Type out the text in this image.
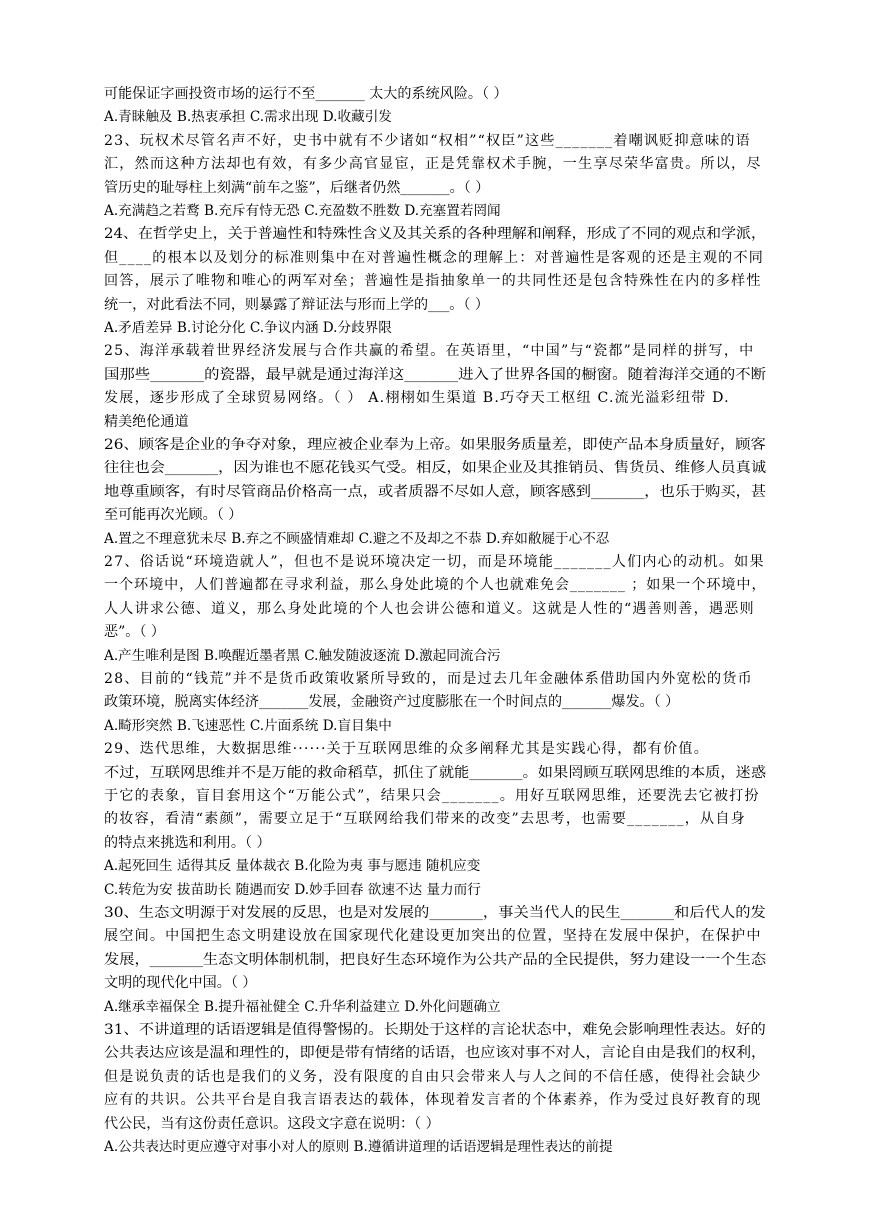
可能保证字画投资市场的运行不至_______ 太大的系统风险。（ ）
A.青睐触及 B.热衷承担 C.需求出现 D.收藏引发
23、玩权术尽管名声不好，史书中就有不少诸如“权相”“权臣”这些_______着嘲讽贬抑意味的语
汇，然而这种方法却也有效，有多少高官显宦，正是凭靠权术手腕，一生享尽荣华富贵。所以，尽
管历史的耻辱柱上刻满“前车之鉴”，后继者仍然_______。（ ）
A.充满趋之若鹜 B.充斥有恃无恐 C.充盈数不胜数 D.充塞置若罔闻
24、在哲学史上，关于普遍性和特殊性含义及其关系的各种理解和阐释，形成了不同的观点和学派，
但____的根本以及划分的标准则集中在对普遍性概念的理解上：对普遍性是客观的还是主观的不同
回答，展示了唯物和唯心的两军对垒；普遍性是指抽象单一的共同性还是包含特殊性在内的多样性
统一，对此看法不同，则暴露了辩证法与形而上学的___。（ ）
A.矛盾差异 B.讨论分化 C.争议内涵 D.分歧界限
25、海洋承载着世界经济发展与合作共赢的希望。在英语里，“中国”与“瓷都”是同样的拼写，中
国那些_______的瓷器，最早就是通过海洋这_______进入了世界各国的橱窗。随着海洋交通的不断
发展，逐步形成了全球贸易网络。（ ） A.栩栩如生渠道 B.巧夺天工枢纽 C.流光溢彩纽带 D.
精美绝伦通道
26、顾客是企业的争夺对象，理应被企业奉为上帝。如果服务质量差，即使产品本身质量好，顾客
往往也会_______，因为谁也不愿花钱买气受。相反，如果企业及其推销员、售货员、维修人员真诚
地尊重顾客，有时尽管商品价格高一点，或者质器不尽如人意，顾客感到_______，也乐于购买，甚
至可能再次光顾。（ ）
A.置之不理意犹未尽 B.弃之不顾盛情难却 C.避之不及却之不恭 D.弃如敝屣于心不忍
27、俗话说“环境造就人”，但也不是说环境决定一切，而是环境能_______人们内心的动机。如果
一个环境中，人们普遍都在寻求利益，那么身处此境的个人也就难免会_______ ；如果一个环境中，
人人讲求公德、道义，那么身处此境的个人也会讲公德和道义。这就是人性的“遇善则善，遇恶则
恶”。（ ）
A.产生唯利是图 B.唤醒近墨者黑 C.触发随波逐流 D.激起同流合污
28、目前的“钱荒”并不是货币政策收紧所导致的，而是过去几年金融体系借助国内外宽松的货币
政策环境，脱离实体经济_______发展，金融资产过度膨胀在一个时间点的_______爆发。（ ）
A.畸形突然 B.飞速恶性 C.片面系统 D.盲目集中
29、迭代思维，大数据思维······关于互联网思维的众多阐释尤其是实践心得，都有价值。
不过，互联网思维并不是万能的救命稻草，抓住了就能_______。如果罔顾互联网思维的本质，迷惑
于它的表象，盲目套用这个“万能公式”，结果只会_______。用好互联网思维，还要洗去它被打扮
的妆容，看清“素颜”，需要立足于“互联网给我们带来的改变”去思考，也需要_______，从自身
的特点来挑选和利用。（ ）
A.起死回生 适得其反 量体裁衣 B.化险为夷 事与愿违 随机应变
C.转危为安 拔苗助长 随遇而安 D.妙手回春 欲速不达 量力而行
30、生态文明源于对发展的反思，也是对发展的_______，事关当代人的民生_______和后代人的发
展空间。中国把生态文明建设放在国家现代化建设更加突出的位置，坚持在发展中保护，在保护中
发展，_______生态文明体制机制，把良好生态环境作为公共产品的全民提供，努力建设一一个生态
文明的现代化中国。（ ）
A.继承幸福保全 B.提升福祉健全 C.升华利益建立 D.外化问题确立
31、不讲道理的话语逻辑是值得警惕的。长期处于这样的言论状态中，难免会影响理性表达。好的
公共表达应该是温和理性的，即便是带有情绪的话语，也应该对事不对人，言论自由是我们的权利，
但是说负责的话也是我们的义务，没有限度的自由只会带来人与人之间的不信任感，使得社会缺少
应有的共识。公共平台是自我言语表达的载体，体现着发言者的个体素养，作为受过良好教育的现
代公民，当有这份责任意识。这段文字意在说明：（ ）
A.公共表达时更应遵守对事小对人的原则 B.遵循讲道理的话语逻辑是理性表达的前提
